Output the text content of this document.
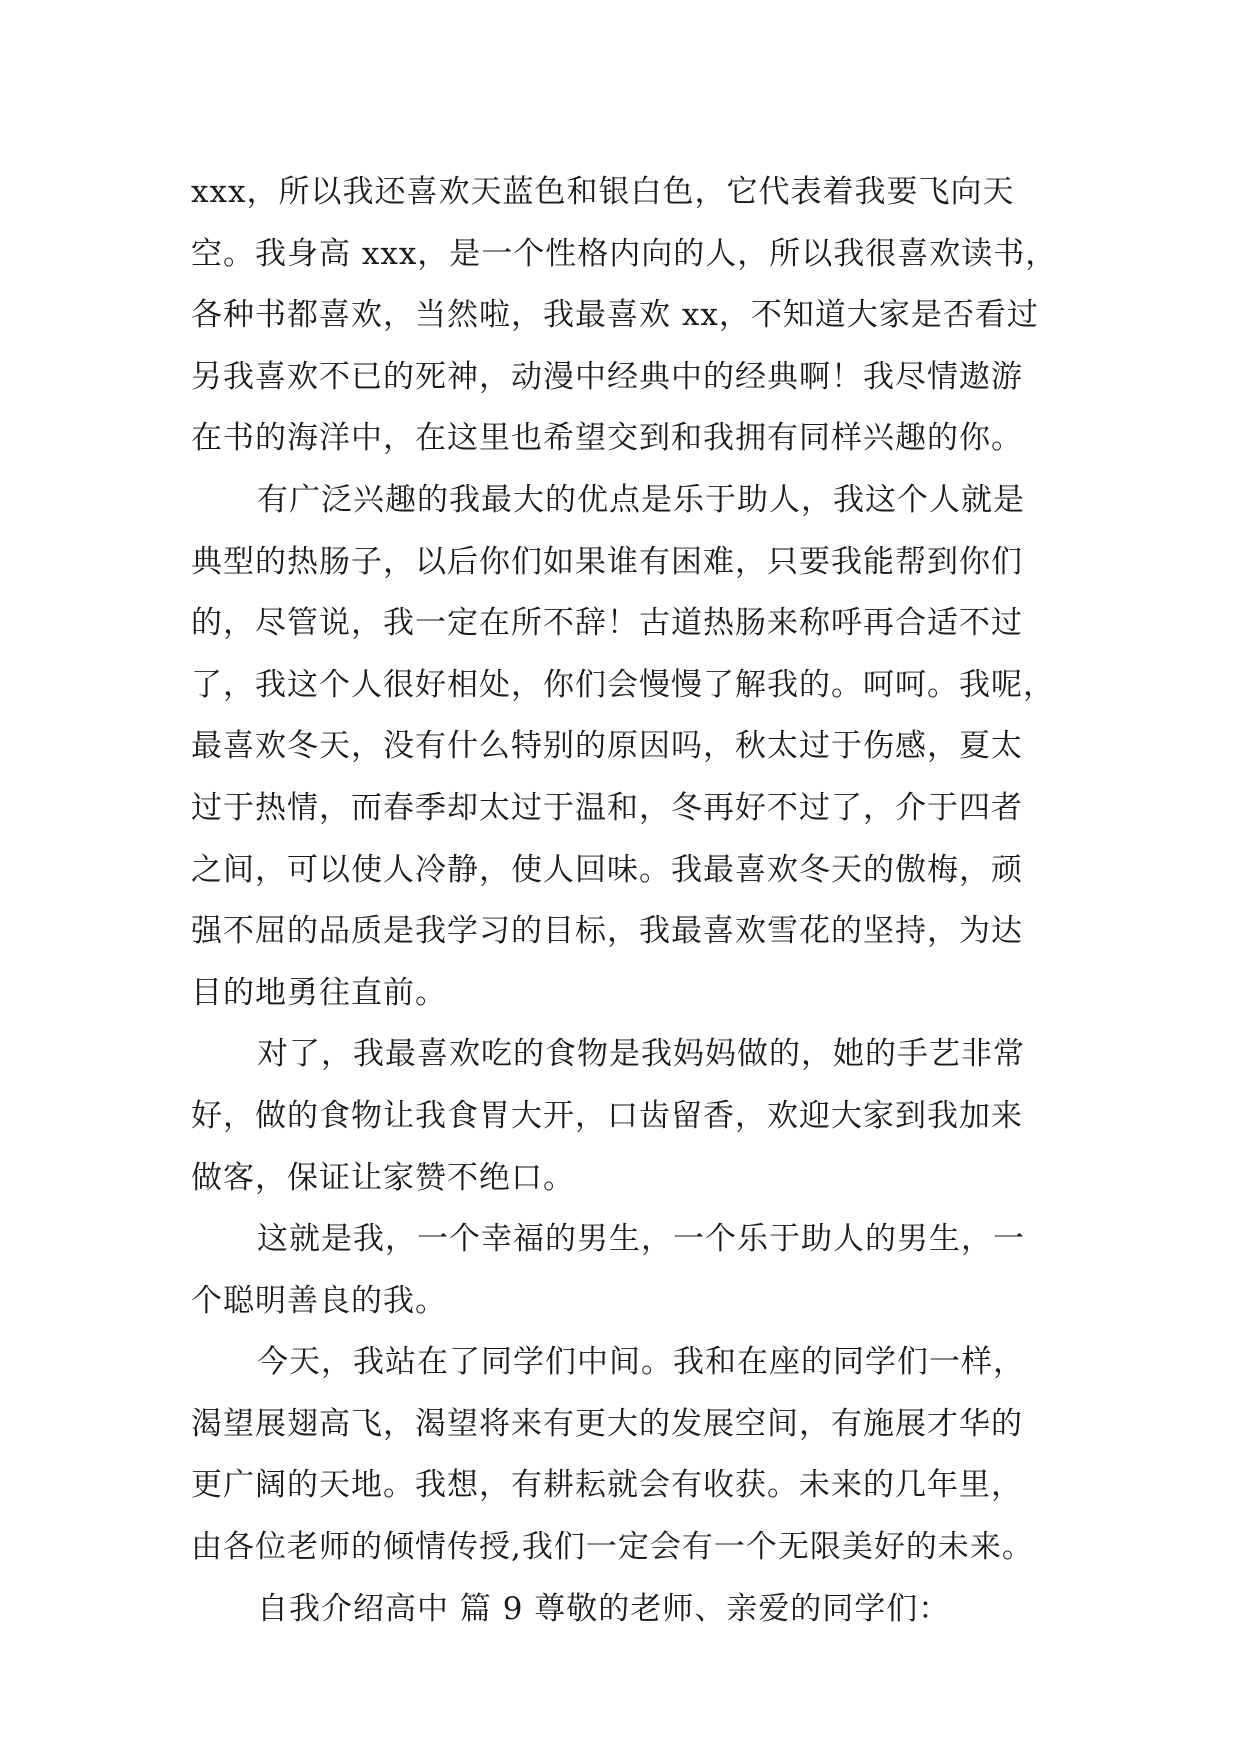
xxx，所以我还喜欢天蓝色和银白色，它代表着我要飞向天
空。我身高 xxx，是一个性格内向的人，所以我很喜欢读书，
各种书都喜欢，当然啦，我最喜欢 xx，不知道大家是否看过
另我喜欢不已的死神，动漫中经典中的经典啊！我尽情遨游
在书的海洋中，在这里也希望交到和我拥有同样兴趣的你。
有广泛兴趣的我最大的优点是乐于助人，我这个人就是
典型的热肠子，以后你们如果谁有困难，只要我能帮到你们
的，尽管说，我一定在所不辞！古道热肠来称呼再合适不过
了，我这个人很好相处，你们会慢慢了解我的。呵呵。我呢，
最喜欢冬天，没有什么特别的原因吗，秋太过于伤感，夏太
过于热情，而春季却太过于温和，冬再好不过了，介于四者
之间，可以使人冷静，使人回味。我最喜欢冬天的傲梅，顽
强不屈的品质是我学习的目标，我最喜欢雪花的坚持，为达
目的地勇往直前。
对了，我最喜欢吃的食物是我妈妈做的，她的手艺非常
好，做的食物让我食胃大开，口齿留香，欢迎大家到我加来
做客，保证让家赞不绝口。
这就是我，一个幸福的男生，一个乐于助人的男生，一
个聪明善良的我。
今天，我站在了同学们中间。我和在座的同学们一样，
渴望展翅高飞，渴望将来有更大的发展空间，有施展才华的
更广阔的天地。我想，有耕耘就会有收获。未来的几年里，
由各位老师的倾情传授,我们一定会有一个无限美好的未来。
自我介绍高中 篇 9 尊敬的老师、亲爱的同学们：
